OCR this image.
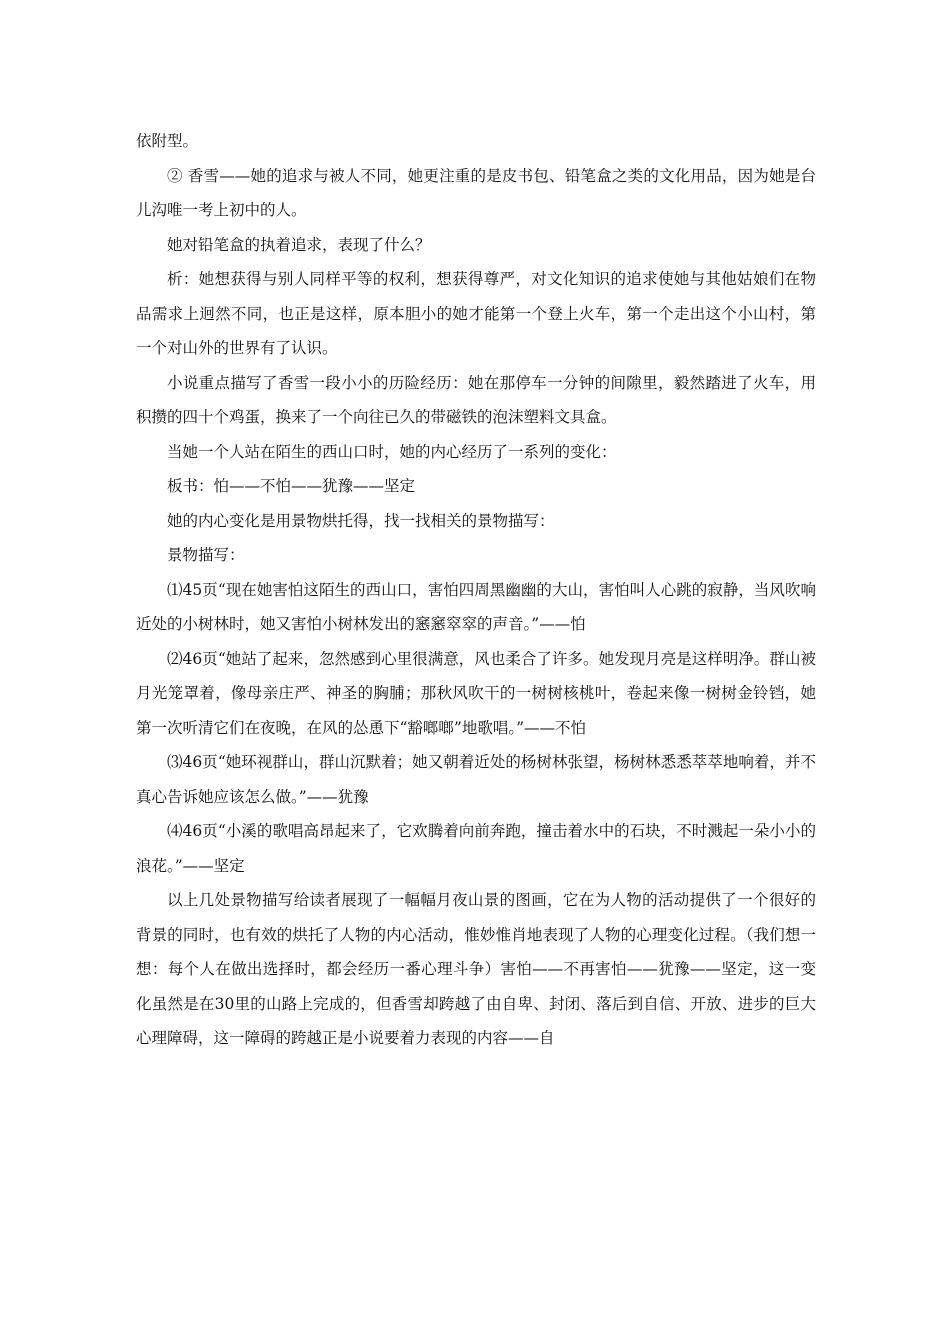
依附型。

② 香雪——她的追求与被人不同，她更注重的是皮书包、铅笔盒之类的文化用品，因为她是台儿沟唯一考上初中的人。

她对铅笔盒的执着追求，表现了什么？

析：她想获得与别人同样平等的权利，想获得尊严，对文化知识的追求使她与其他姑娘们在物品需求上迥然不同，也正是这样，原本胆小的她才能第一个登上火车，第一个走出这个小山村，第一个对山外的世界有了认识。

小说重点描写了香雪一段小小的历险经历：她在那停车一分钟的间隙里，毅然踏进了火车，用积攒的四十个鸡蛋，换来了一个向往已久的带磁铁的泡沫塑料文具盒。

当她一个人站在陌生的西山口时，她的内心经历了一系列的变化：

板书：怕——不怕——犹豫——坚定

她的内心变化是用景物烘托得，找一找相关的景物描写：

景物描写：

⑴45页“现在她害怕这陌生的西山口，害怕四周黑幽幽的大山，害怕叫人心跳的寂静，当风吹响近处的小树林时，她又害怕小树林发出的窸窸窣窣的声音。”——怕

⑵46页“她站了起来，忽然感到心里很满意，风也柔合了许多。她发现月亮是这样明净。群山被月光笼罩着，像母亲庄严、神圣的胸脯；那秋风吹干的一树树核桃叶，卷起来像一树树金铃铛，她第一次听清它们在夜晚，在风的怂恿下“豁啷啷”地歌唱。”——不怕

⑶46页“她环视群山，群山沉默着；她又朝着近处的杨树林张望，杨树林悉悉萃萃地响着，并不真心告诉她应该怎么做。”——犹豫

⑷46页“小溪的歌唱高昂起来了，它欢腾着向前奔跑，撞击着水中的石块，不时溅起一朵小小的浪花。”——坚定

以上几处景物描写给读者展现了一幅幅月夜山景的图画，它在为人物的活动提供了一个很好的背景的同时，也有效的烘托了人物的内心活动，惟妙惟肖地表现了人物的心理变化过程。（我们想一想：每个人在做出选择时，都会经历一番心理斗争）害怕——不再害怕——犹豫——坚定，这一变化虽然是在30里的山路上完成的，但香雪却跨越了由自卑、封闭、落后到自信、开放、进步的巨大心理障碍，这一障碍的跨越正是小说要着力表现的内容——自
